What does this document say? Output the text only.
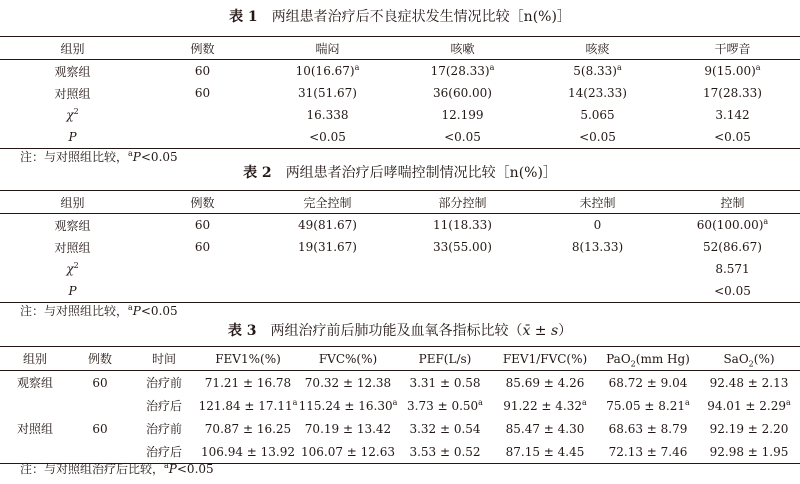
表 1 两组患者治疗后不良症状发生情况比较［n(%)］
组别	例数	喘闷	咳嗽	咳痰	干啰音
观察组	60	$10(16.67)^a$	$17(28.33)^a$	$5(8.33)^a$	$9(15.00)^a$
对照组	60	31(51.67)	36(60.00)	14(23.33)	17(28.33)
$\chi^2$		16.338	12.199	5.065	3.142
P		<0.05	<0.05	<0.05	<0.05
注：与对照组比较，$^a$P<0.05
表 2 两组患者治疗后哮喘控制情况比较［n(%)］
组别	例数	完全控制	部分控制	未控制	控制
观察组	60	49(81.67)	11(18.33)	0	$60(100.00)^a$
对照组	60	19(31.67)	33(55.00)	8(13.33)	52(86.67)
$\chi^2$					8.571
P					<0.05
注：与对照组比较，$^a$P<0.05
表 3 两组治疗前后肺功能及血氧各指标比较（x̄ ± s）
组别	例数	时间	FEV1%(%)	FVC%(%)	PEF(L/s)	FEV1/FVC(%)	PaO$_2$(mm Hg)	SaO$_2$(%)
观察组	60	治疗前	71.21 ± 16.78	70.32 ± 12.38	3.31 ± 0.58	85.69 ± 4.26	68.72 ± 9.04	92.48 ± 2.13
		治疗后	121.84 ± 17.11$^a$	115.24 ± 16.30$^a$	3.73 ± 0.50$^a$	91.22 ± 4.32$^a$	75.05 ± 8.21$^a$	94.01 ± 2.29$^a$
对照组	60	治疗前	70.87 ± 16.25	70.19 ± 13.42	3.32 ± 0.54	85.47 ± 4.30	68.63 ± 8.79	92.19 ± 2.20
		治疗后	106.94 ± 13.92	106.07 ± 12.63	3.53 ± 0.52	87.15 ± 4.45	72.13 ± 7.46	92.98 ± 1.95
注：与对照组治疗后比较，$^a$P<0.05
